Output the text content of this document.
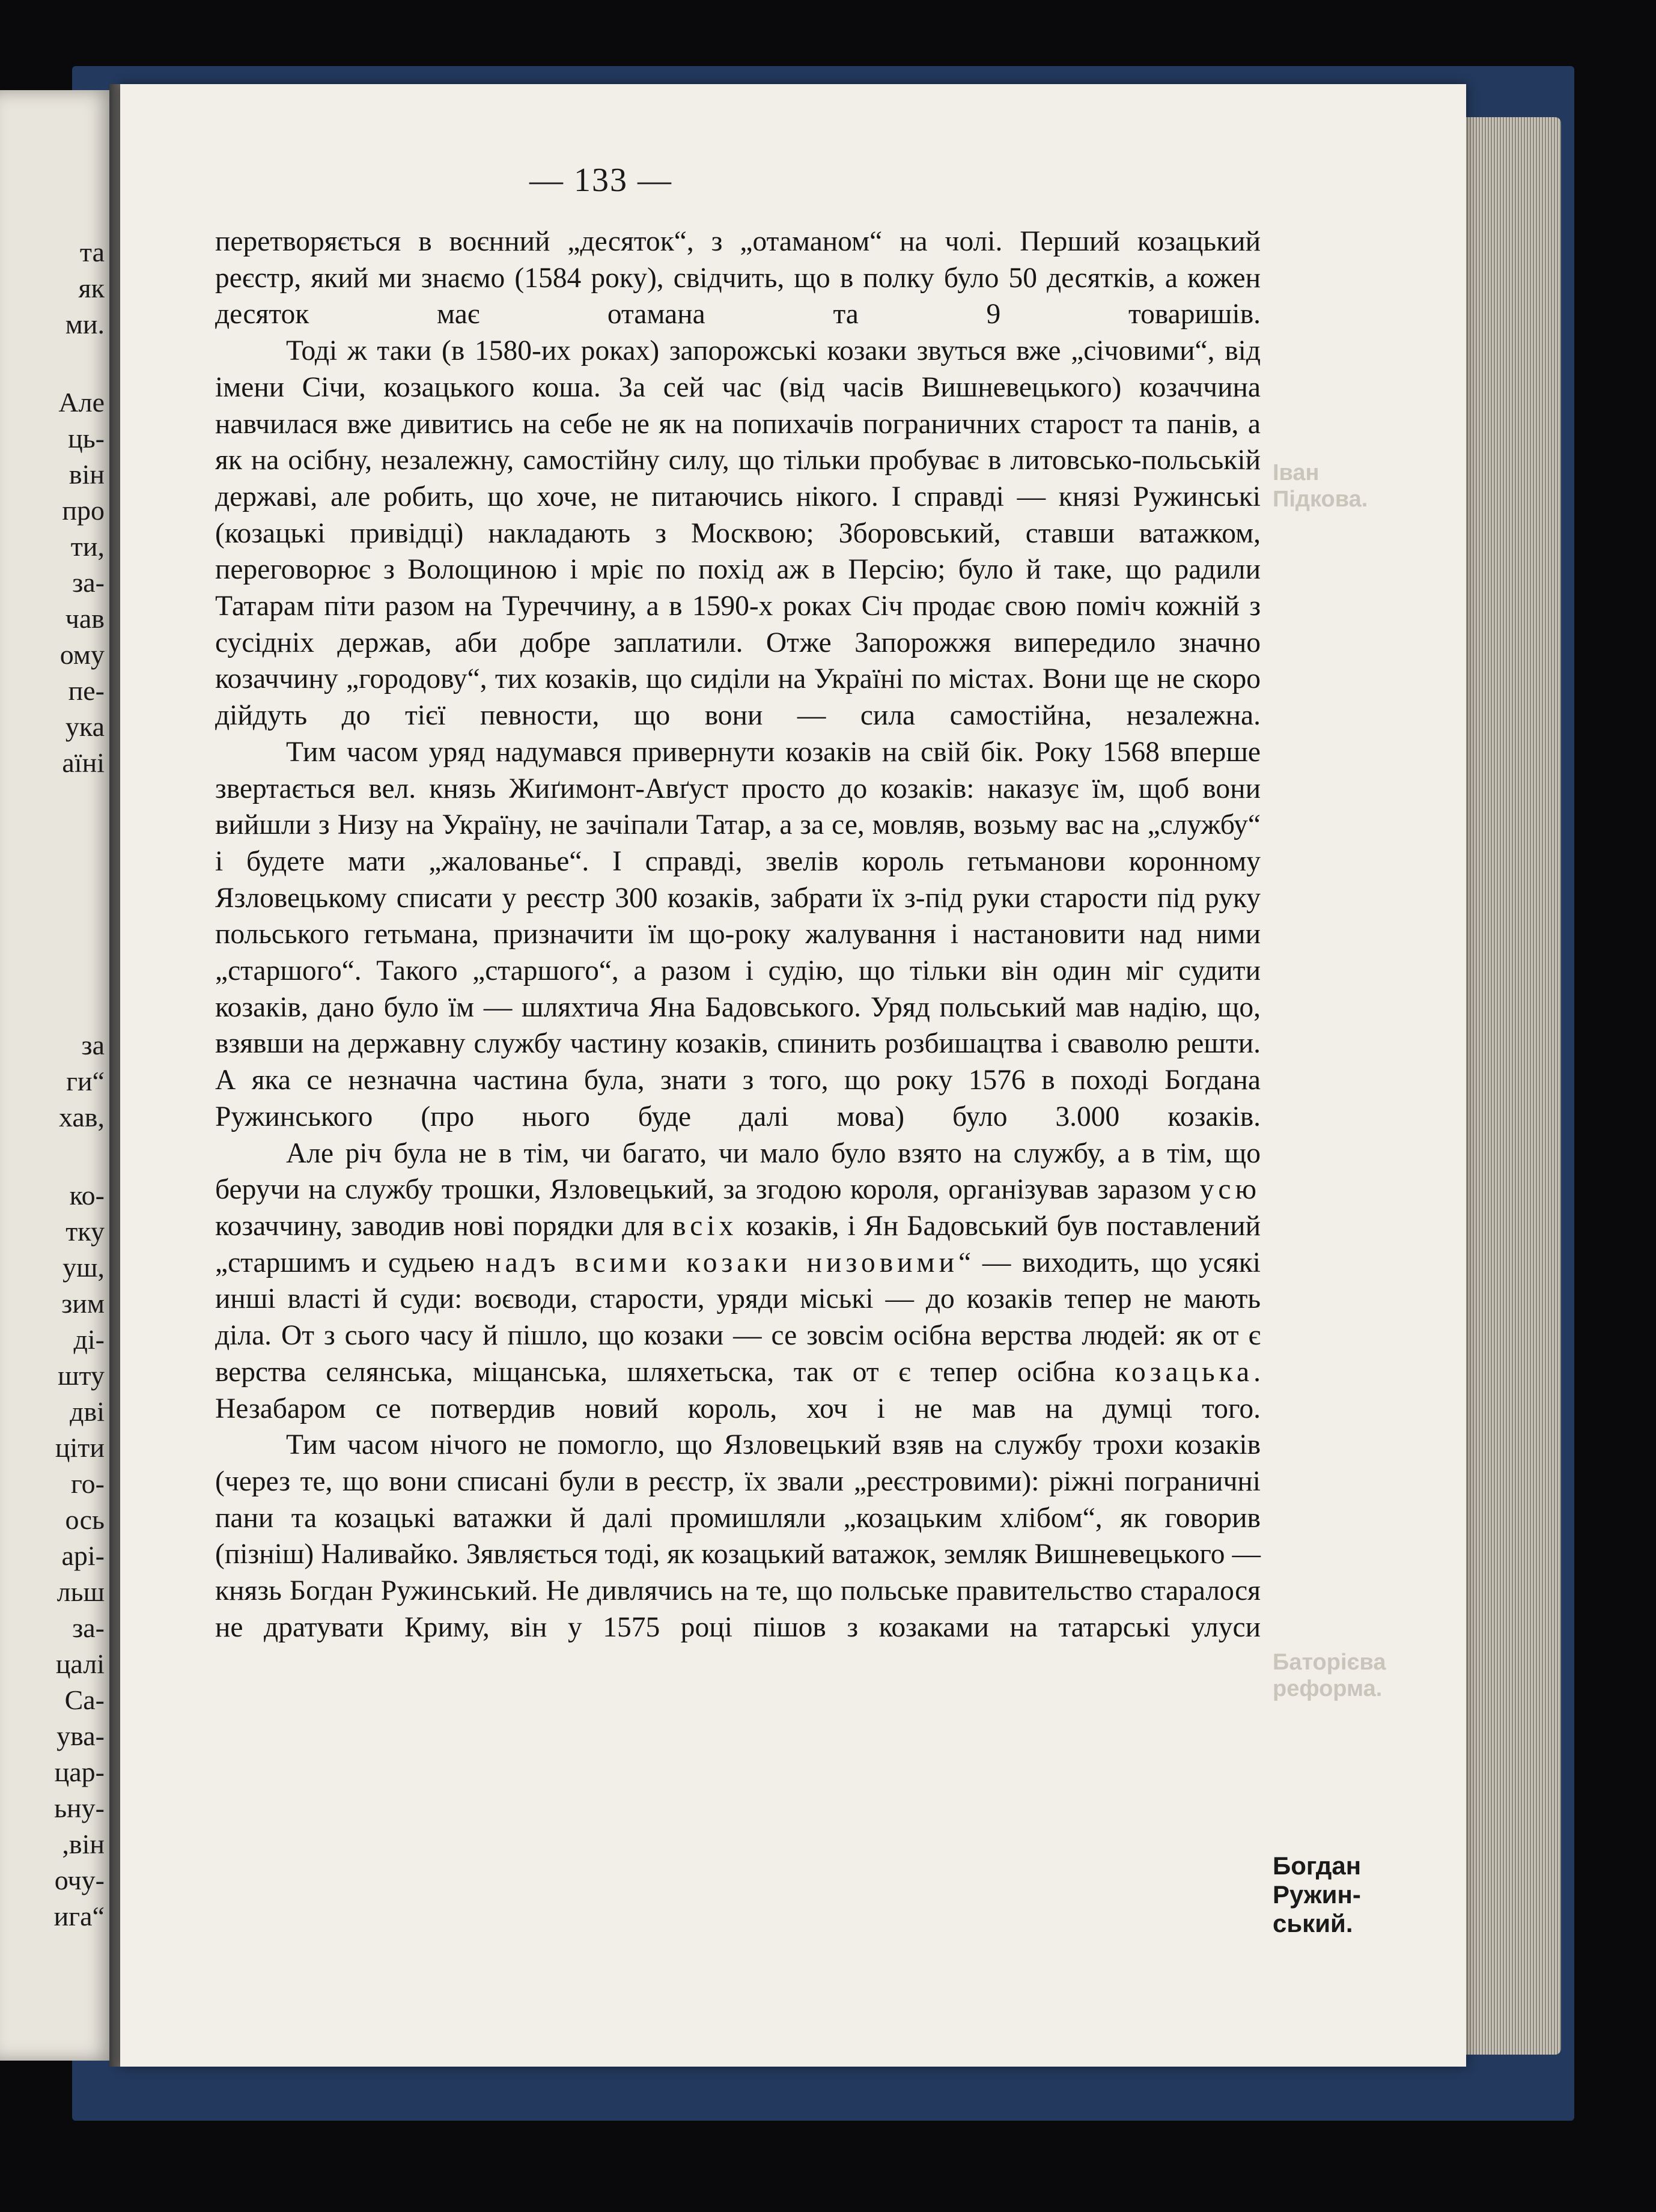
та
як
ми.
Але
ць-
він
про
ти,
за-
чав
ому
пе-
ука
аїні
за
ги“
хав,
ко-
тку
уш,
зим
ді-
шту
дві
ціти
го-
ось
арі-
льш
за-
цалі
Са-
ува-
цар-
ьну-
,він
очу-
ига“
— 133 —

перетворяється в воєнний „десяток“, з „отаманом“ на чолі. Перший козацький реєстр, який ми знаємо (1584 року), свідчить, що в полку було 50 десятків, а кожен десяток має отамана та 9 товаришів.

Тоді ж таки (в 1580-их роках) запорожські козаки звуться вже „січовими“, від імени Січи, козацького коша. За сей час (від часів Вишневецького) козаччина навчилася вже дивитись на себе не як на попихачів пограничних старост та панів, а як на осібну, незалежну, самостійну силу, що тільки пробуває в литовсько-польській державі, але робить, що хоче, не питаючись нікого. І справді — князі Ружинські (козацькі привідці) накладають з Москвою; Зборовський, ставши ватажком, переговорює з Волощиною і мріє по похід аж в Персію; було й таке, що радили Татарам піти разом на Туреччину, а в 1590-х роках Січ продає свою поміч кожній з сусідніх держав, аби добре заплатили. Отже Запорожжя випередило значно козаччину „городову“, тих козаків, що сиділи на Україні по містах. Вони ще не скоро дійдуть до тієї певности, що вони — сила самостійна, незалежна.

Тим часом уряд надумався привернути козаків на свій бік. Року 1568 вперше звертається вел. князь Жиґимонт-Авґуст просто до козаків: наказує їм, щоб вони вийшли з Низу на Україну, не зачіпали Татар, а за се, мовляв, возьму вас на „службу“ і будете мати „жалованье“. І справді, звелів король гетьманови коронному Язловецькому списати у реєстр 300 козаків, забрати їх з-під руки старости під руку польського гетьмана, призначити їм що-року жалування і настановити над ними „старшого“. Такого „старшого“, а разом і судію, що тільки він один міг судити козаків, дано було їм — шляхтича Яна Бадовського. Уряд польський мав надію, що, взявши на державну службу частину козаків, спинить розбишацтва і сваволю решти. А яка се незначна частина була, знати з того, що року 1576 в поході Богдана Ружинського (про нього буде далі мова) було 3.000 козаків.

Але річ була не в тім, чи багато, чи мало було взято на службу, а в тім, що беручи на службу трошки, Язловецький, за згодою короля, організував заразом усю козаччину, заводив нові порядки для всіх козаків, і Ян Бадовський був поставлений „старшимъ и судьею надъ всими козаки низовими“ — виходить, що усякі инші власті й суди: воєводи, старости, уряди міські — до козаків тепер не мають діла. От з сього часу й пішло, що козаки — се зовсім осібна верства людей: як от є верства селянська, міщанська, шляхетьска, так от є тепер осібна козацька. Незабаром се потвердив новий король, хоч і не мав на думці того.

Тим часом нічого не помогло, що Язловецький взяв на службу трохи козаків (через те, що вони списані були в реєстр, їх звали „реєстровими): ріжні пограничні пани та козацькі ватажки й далі промишляли „козацьким хлібом“, як говорив (пізніш) Наливайко. Зявляється тоді, як козацький ватажок, земляк Вишневецького — князь Богдан Ружинський. Не дивлячись на те, що польське правительство старалося не дратувати Криму, він у 1575 році пішов з козаками на татарські улуси

Іван
Підкова.
Баторієва
реформа.
Богдан
Ружин-
ський.
